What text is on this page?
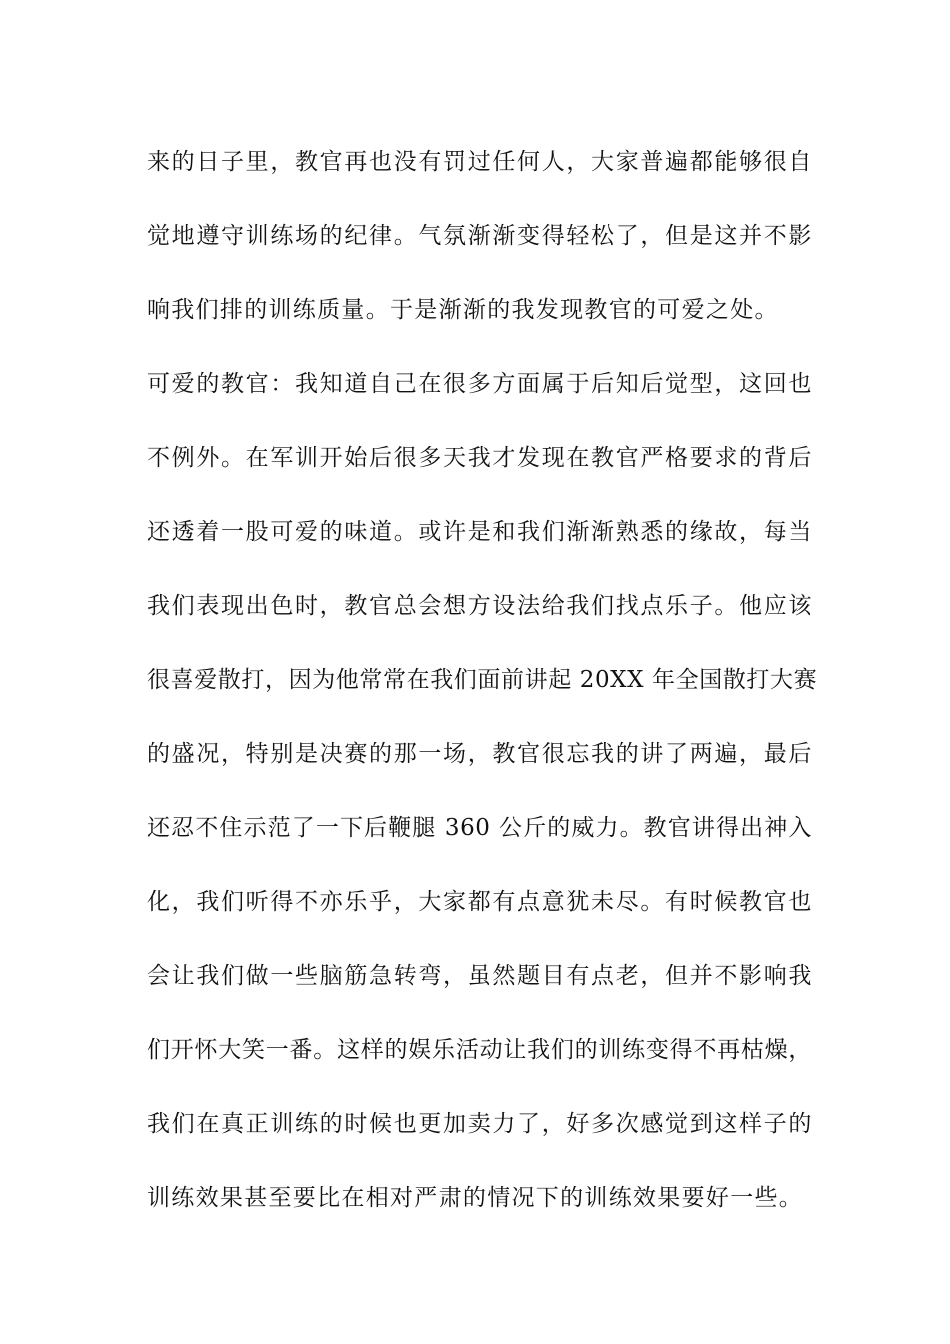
来的日子里，教官再也没有罚过任何人，大家普遍都能够很自
觉地遵守训练场的纪律。气氛渐渐变得轻松了，但是这并不影
响我们排的训练质量。于是渐渐的我发现教官的可爱之处。
可爱的教官：我知道自己在很多方面属于后知后觉型，这回也
不例外。在军训开始后很多天我才发现在教官严格要求的背后
还透着一股可爱的味道。或许是和我们渐渐熟悉的缘故，每当
我们表现出色时，教官总会想方设法给我们找点乐子。他应该
很喜爱散打，因为他常常在我们面前讲起 20XX 年全国散打大赛
的盛况，特别是决赛的那一场，教官很忘我的讲了两遍，最后
还忍不住示范了一下后鞭腿 360 公斤的威力。教官讲得出神入
化，我们听得不亦乐乎，大家都有点意犹未尽。有时候教官也
会让我们做一些脑筋急转弯，虽然题目有点老，但并不影响我
们开怀大笑一番。这样的娱乐活动让我们的训练变得不再枯燥，
我们在真正训练的时候也更加卖力了，好多次感觉到这样子的
训练效果甚至要比在相对严肃的情况下的训练效果要好一些。
